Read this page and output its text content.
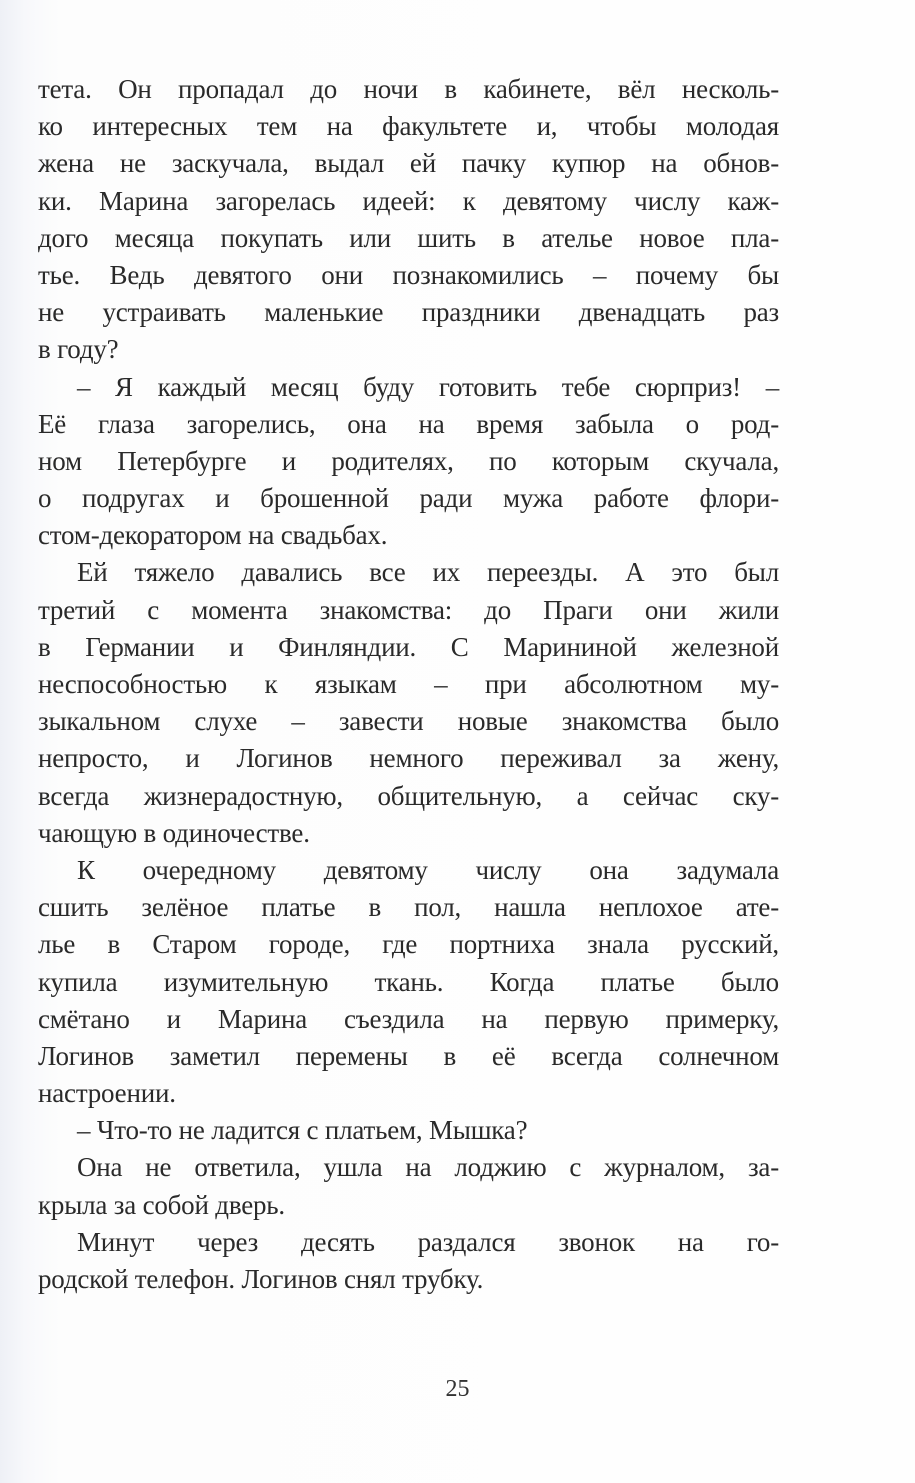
тета. Он пропадал до ночи в кабинете, вёл несколь-
ко интересных тем на факультете и, чтобы молодая
жена не заскучала, выдал ей пачку купюр на обнов-
ки. Марина загорелась идеей: к девятому числу каж-
дого месяца покупать или шить в ателье новое пла-
тье. Ведь девятого они познакомились – почему бы
не устраивать маленькие праздники двенадцать раз
в году?
– Я каждый месяц буду готовить тебе сюрприз! –
Её глаза загорелись, она на время забыла о род-
ном Петербурге и родителях, по которым скучала,
о подругах и брошенной ради мужа работе флори-
стом-декоратором на свадьбах.
Ей тяжело давались все их переезды. А это был
третий с момента знакомства: до Праги они жили
в Германии и Финляндии. С Марининой железной
неспособностью к языкам – при абсолютном му-
зыкальном слухе – завести новые знакомства было
непросто, и Логинов немного переживал за жену,
всегда жизнерадостную, общительную, а сейчас ску-
чающую в одиночестве.
К очередному девятому числу она задумала
сшить зелёное платье в пол, нашла неплохое ате-
лье в Старом городе, где портниха знала русский,
купила изумительную ткань. Когда платье было
смётано и Марина съездила на первую примерку,
Логинов заметил перемены в её всегда солнечном
настроении.
– Что-то не ладится с платьем, Мышка?
Она не ответила, ушла на лоджию с журналом, за-
крыла за собой дверь.
Минут через десять раздался звонок на го-
родской телефон. Логинов снял трубку.
25
